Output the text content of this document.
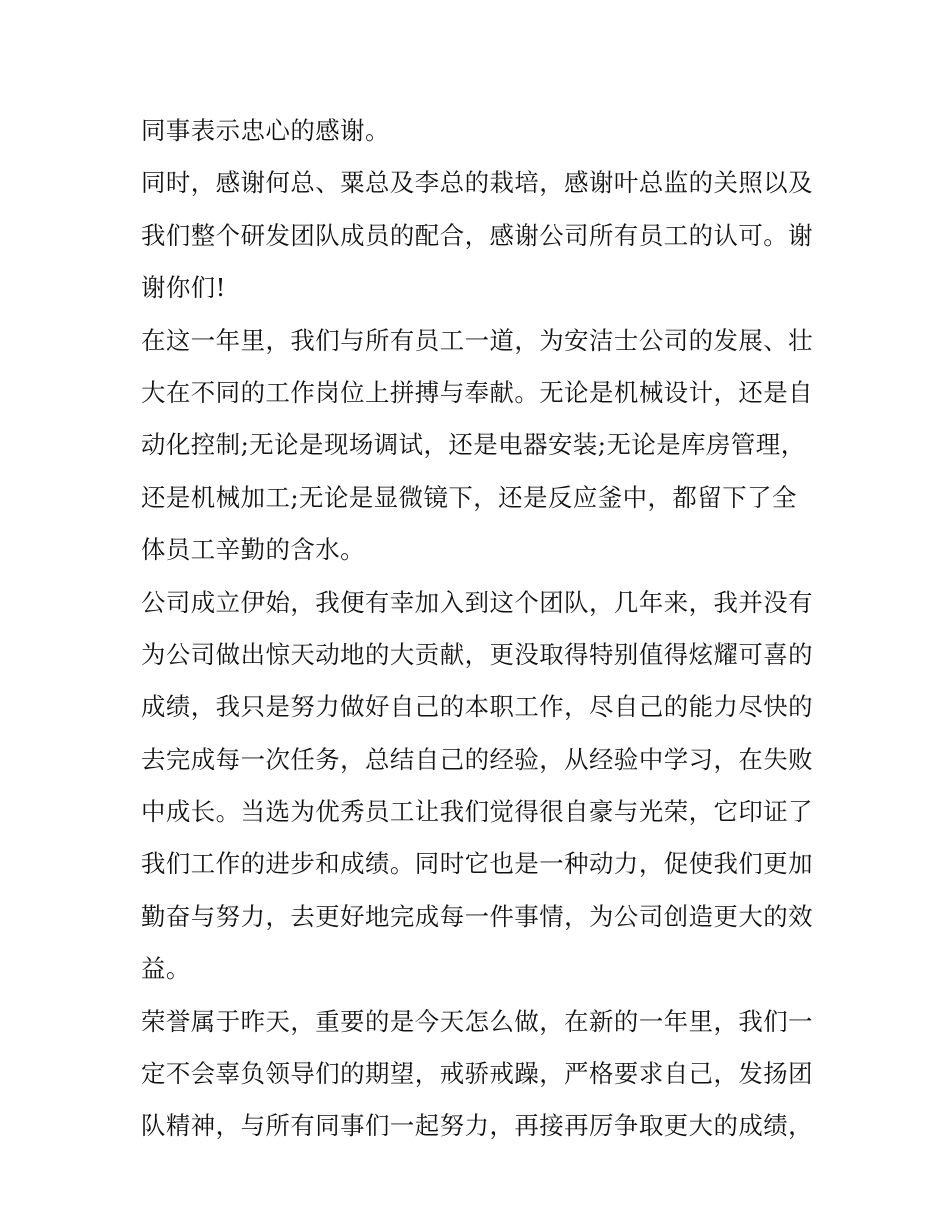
同事表示忠心的感谢。
同时，感谢何总、粟总及李总的栽培，感谢叶总监的关照以及
我们整个研发团队成员的配合，感谢公司所有员工的认可。谢
谢你们!
在这一年里，我们与所有员工一道，为安洁士公司的发展、壮
大在不同的工作岗位上拼搏与奉献。无论是机械设计，还是自
动化控制;无论是现场调试，还是电器安装;无论是库房管理，
还是机械加工;无论是显微镜下，还是反应釜中，都留下了全
体员工辛勤的含水。
公司成立伊始，我便有幸加入到这个团队，几年来，我并没有
为公司做出惊天动地的大贡献，更没取得特别值得炫耀可喜的
成绩，我只是努力做好自己的本职工作，尽自己的能力尽快的
去完成每一次任务，总结自己的经验，从经验中学习，在失败
中成长。当选为优秀员工让我们觉得很自豪与光荣，它印证了
我们工作的进步和成绩。同时它也是一种动力，促使我们更加
勤奋与努力，去更好地完成每一件事情，为公司创造更大的效
益。
荣誉属于昨天，重要的是今天怎么做，在新的一年里，我们一
定不会辜负领导们的期望，戒骄戒躁，严格要求自己，发扬团
队精神，与所有同事们一起努力，再接再厉争取更大的成绩，
